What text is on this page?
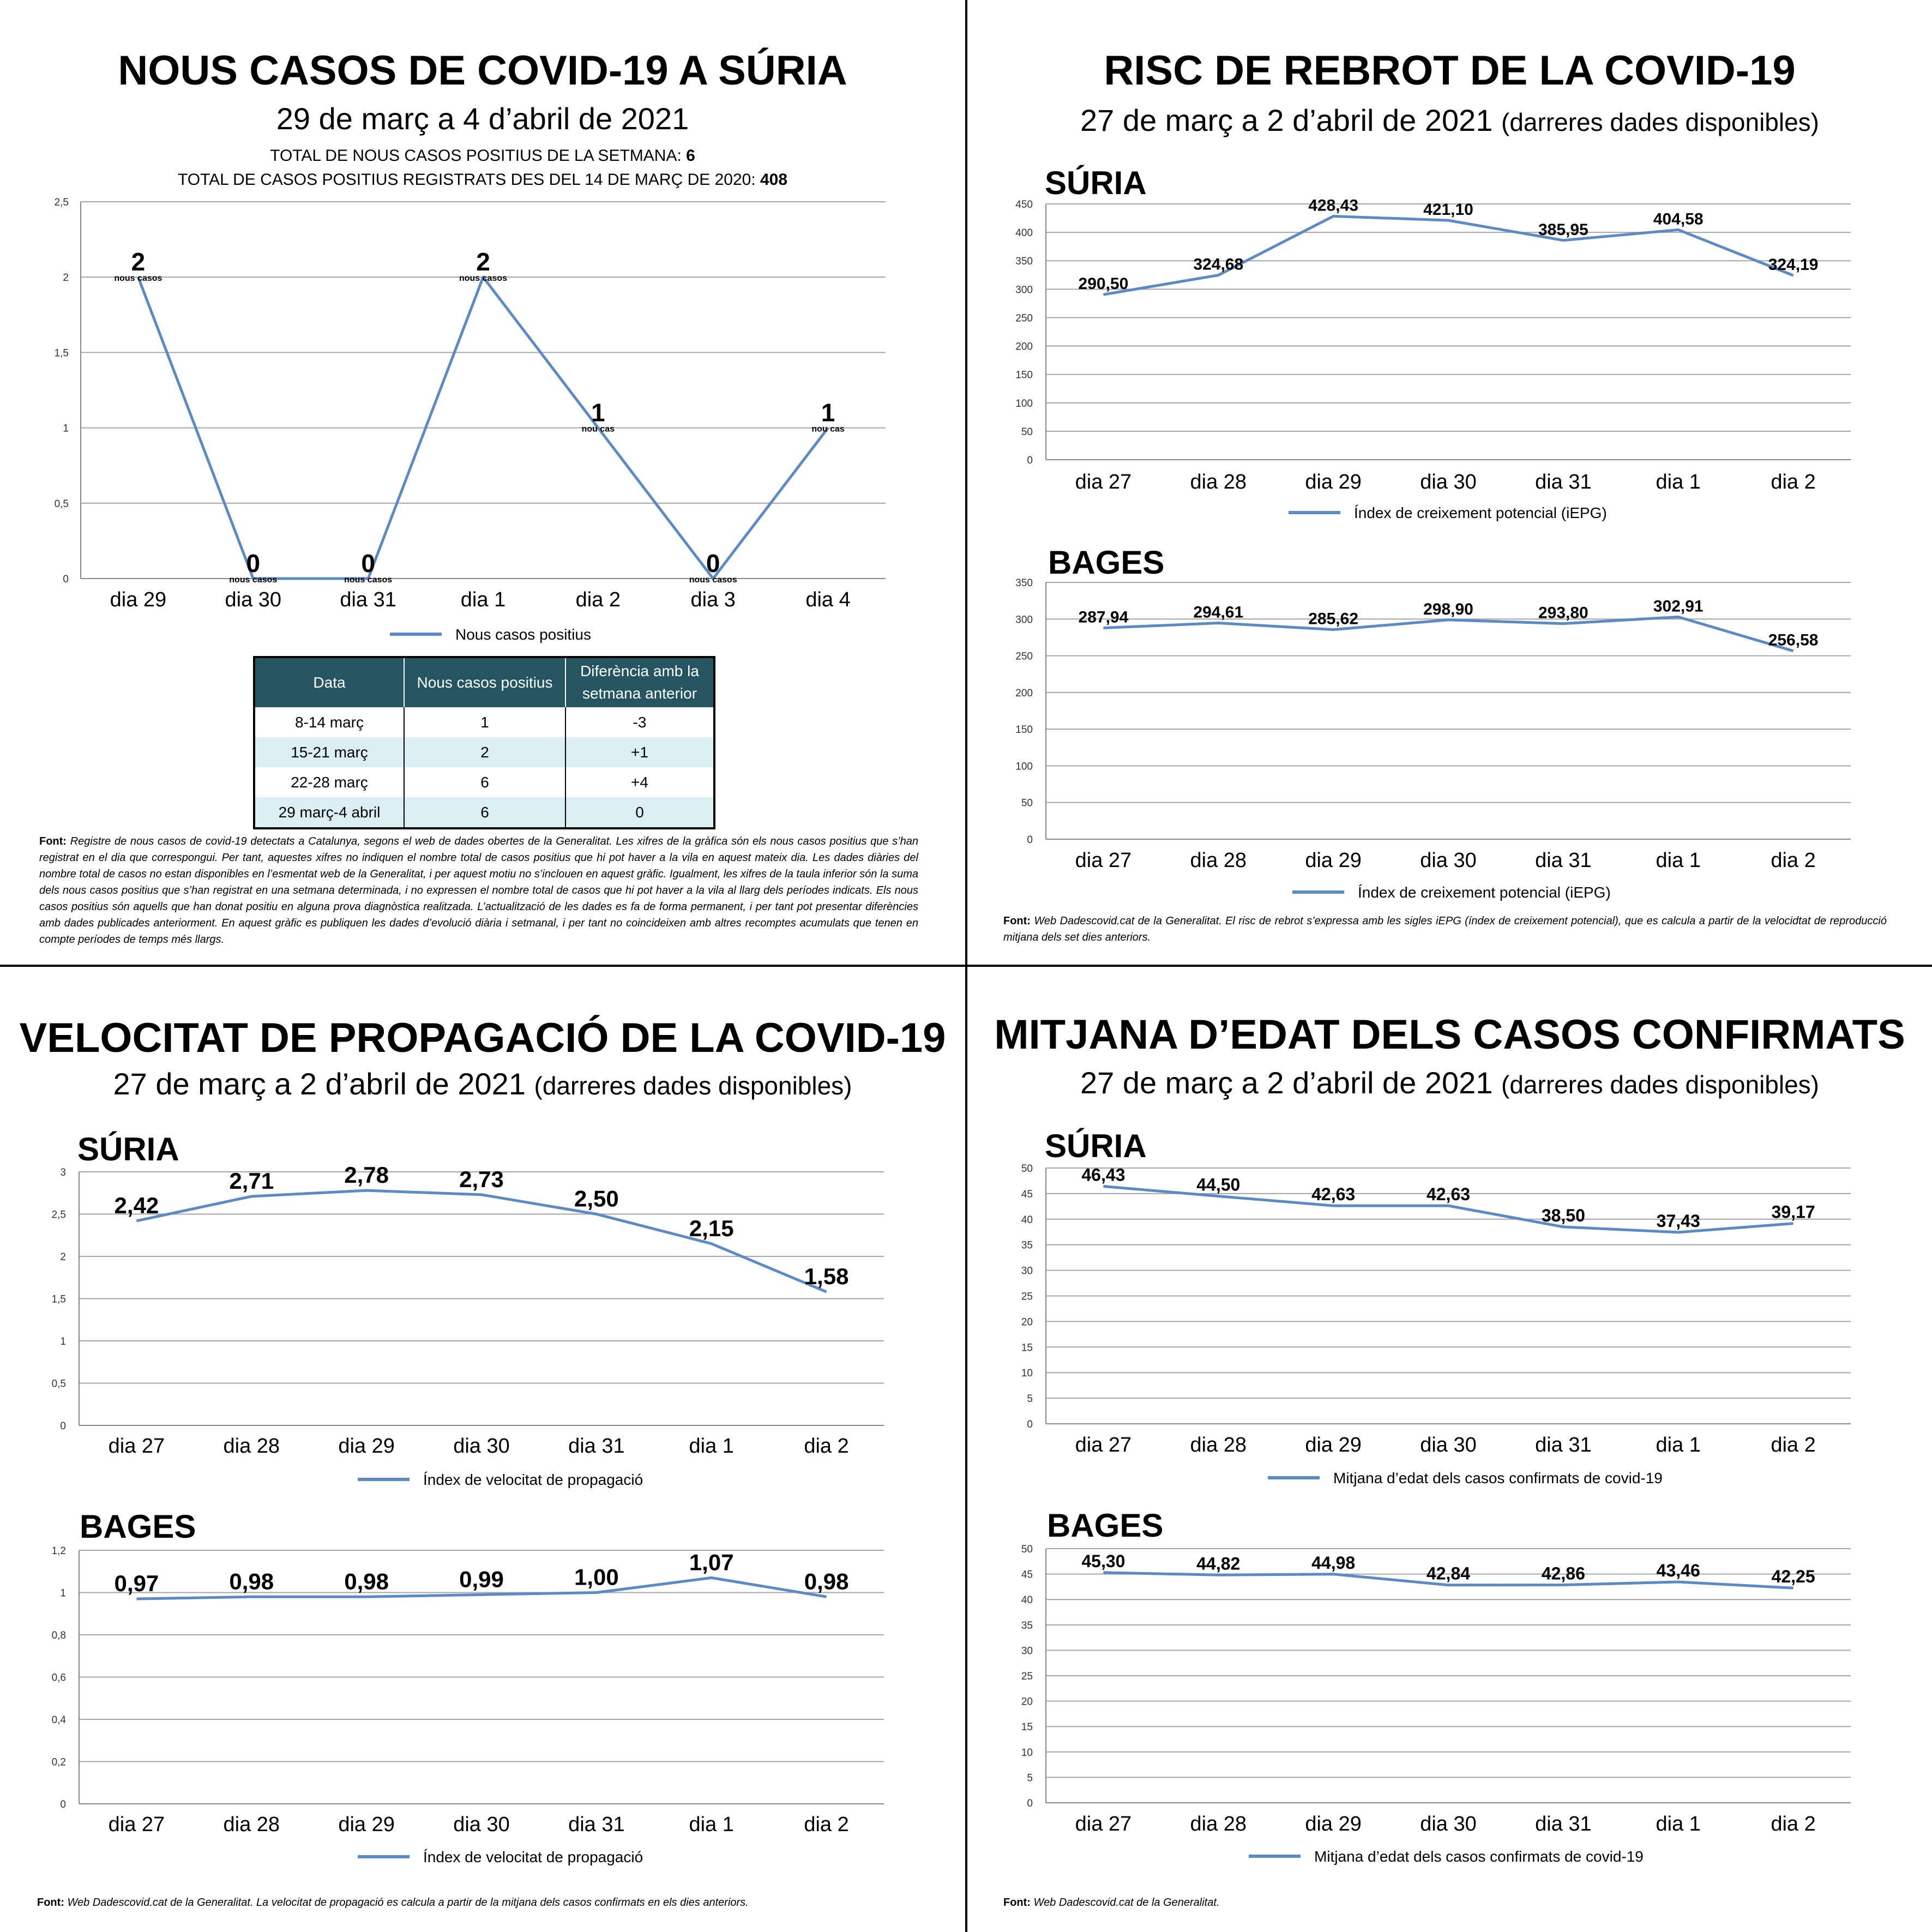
NOUS CASOS DE COVID-19 A SÚRIA
29 de març a 4 d’abril de 2021
TOTAL DE NOUS CASOS POSITIUS DE LA SETMANA: 6
TOTAL DE CASOS POSITIUS REGISTRATS DES DEL 14 DE MARÇ DE 2020: 408
0
0,5
1
1,5
2
2,5
dia 29	dia 30	dia 31	dia 1	dia 2	dia 3	dia 4
2
nous casos
0
nous casos
0
nous casos
2
nous casos
1
nou cas
0
nous casos
1
nou cas
Nous casos positius
Data	Nous casos positius	Diferència amb la setmana anterior
8-14 març	1	-3
15-21 març	2	+1
22-28 març	6	+4
29 març-4 abril	6	0
Font: Registre de nous casos de covid-19 detectats a Catalunya, segons el web de dades obertes de la Generalitat. Les xifres de la gràfica són els nous casos positius que s’han registrat en el dia que correspongui. Per tant, aquestes xifres no indiquen el nombre total de casos positius que hi pot haver a la vila en aquest mateix dia. Les dades diàries del nombre total de casos no estan disponibles en l’esmentat web de la Generalitat, i per aquest motiu no s’inclouen en aquest gràfic. Igualment, les xifres de la taula inferior són la suma dels nous casos positius que s’han registrat en una setmana determinada, i no expressen el nombre total de casos que hi pot haver a la vila al llarg dels períodes indicats. Els nous casos positius són aquells que han donat positiu en alguna prova diagnòstica realitzada. L’actualització de les dades es fa de forma permanent, i per tant pot presentar diferències amb dades publicades anteriorment. En aquest gràfic es publiquen les dades d’evolució diària i setmanal, i per tant no coincideixen amb altres recomptes acumulats que tenen en compte períodes de temps més llargs.
RISC DE REBROT DE LA COVID-19
27 de març a 2 d’abril de 2021 (darreres dades disponibles)
SÚRIA
BAGES
0
50
100
150
200
250
300
350
400
450
dia 27	dia 28	dia 29	dia 30	dia 31	dia 1	dia 2
290,50
324,68
428,43	421,10
385,95
404,58
324,19
Índex de creixement potencial (iEPG)
0
50
100
150
200
250
300
350
dia 27	dia 28	dia 29	dia 30	dia 31	dia 1	dia 2
287,94	294,61	285,62
298,90	293,80	302,91
256,58
Índex de creixement potencial (iEPG)
Font: Web Dadescovid.cat de la Generalitat. El risc de rebrot s’expressa amb les sigles iEPG (índex de creixement potencial), que es calcula a partir de la velocidtat de reproducció mitjana dels set dies anteriors.
VELOCITAT DE PROPAGACIÓ DE LA COVID-19
27 de març a 2 d’abril de 2021 (darreres dades disponibles)
SÚRIA
BAGES
0
0,5
1
1,5
2
2,5
3
dia 27	dia 28	dia 29	dia 30	dia 31	dia 1	dia 2
2,42
2,71	2,78	2,73
2,50
2,15
1,58
Índex de velocitat de propagació
0
0,2
0,4
0,6
0,8
1
1,2
dia 27	dia 28	dia 29	dia 30	dia 31	dia 1	dia 2
0,97	0,98	0,98	0,99	1,00
1,07
0,98
Índex de velocitat de propagació
Font: Web Dadescovid.cat de la Generalitat. La velocitat de propagació es calcula a partir de la mitjana dels casos confirmats en els dies anteriors.
MITJANA D’EDAT DELS CASOS CONFIRMATS
27 de març a 2 d’abril de 2021 (darreres dades disponibles)
SÚRIA
BAGES
0
5
10
15
20
25
30
35
40
45
50
dia 27	dia 28	dia 29	dia 30	dia 31	dia 1	dia 2
46,43
44,50	42,63	42,63
38,50	37,43	39,17
Mitjana d’edat dels casos confirmats de covid-19
0
5
10
15
20
25
30
35
40
45
50
dia 27	dia 28	dia 29	dia 30	dia 31	dia 1	dia 2
45,30	44,82	44,98
42,84	42,86	43,46	42,25
Mitjana d’edat dels casos confirmats de covid-19
Font: Web Dadescovid.cat de la Generalitat.
